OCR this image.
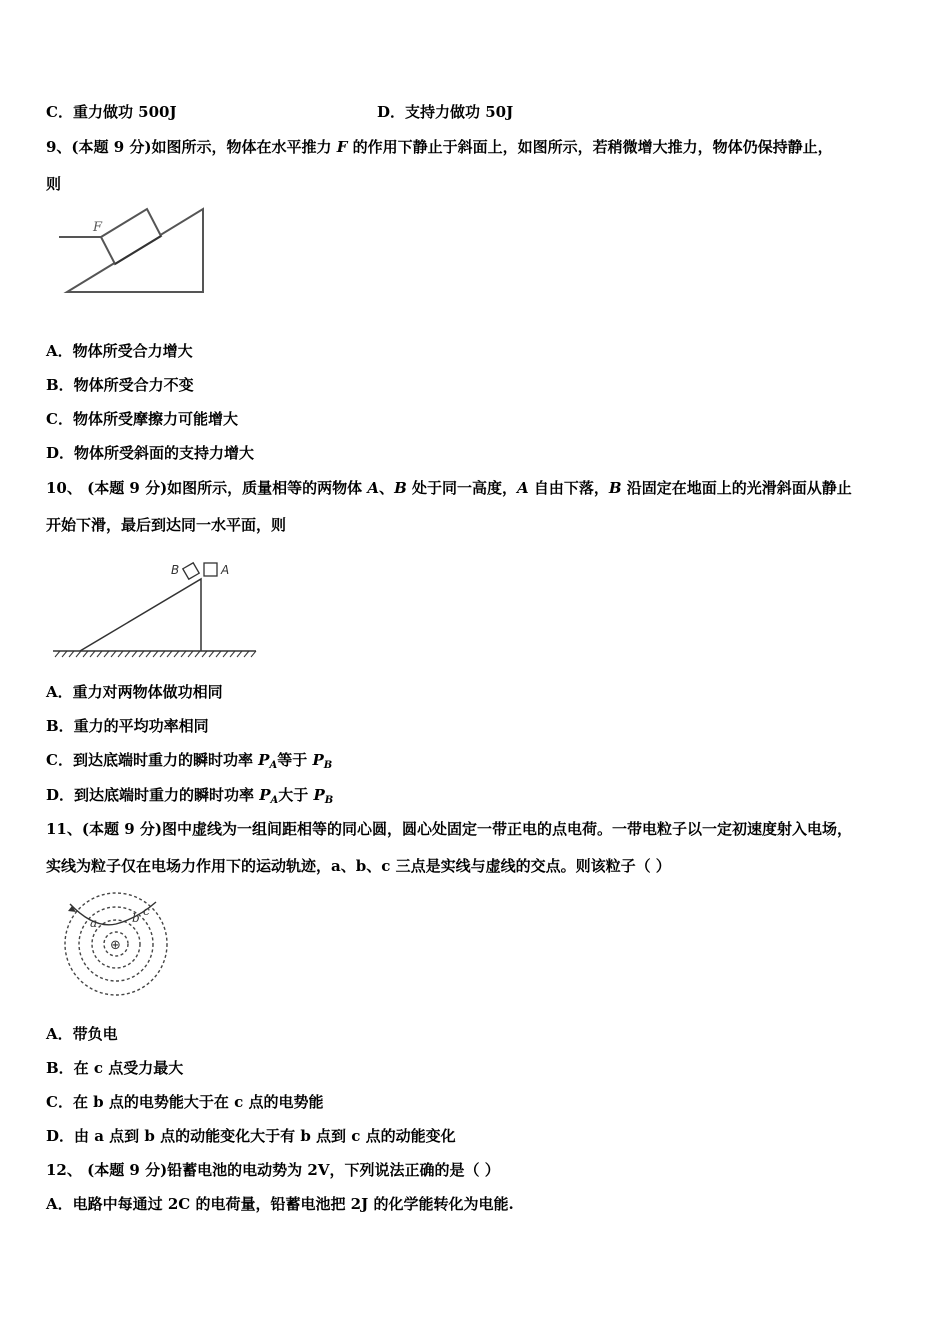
C．重力做功 500J	D．支持力做功 50J
9、(本题 9 分)如图所示，物体在水平推力 F 的作用下静止于斜面上，如图所示，若稍微增大推力，物体仍保持静止，
则
F
A．物体所受合力增大
B．物体所受合力不变
C．物体所受摩擦力可能增大
D．物体所受斜面的支持力增大
10、 (本题 9 分)如图所示，质量相等的两物体 A、B 处于同一高度，A 自由下落，B 沿固定在地面上的光滑斜面从静止
开始下滑，最后到达同一水平面，则
A
B
A．重力对两物体做功相同
B．重力的平均功率相同
C．到达底端时重力的瞬时功率 $P_A$等于 $P_B$
D．到达底端时重力的瞬时功率 $P_A$大于 $P_B$
11、(本题 9 分)图中虚线为一组间距相等的同心圆，圆心处固定一带正电的点电荷。一带电粒子以一定初速度射入电场，
实线为粒子仅在电场力作用下的运动轨迹，a、b、c 三点是实线与虚线的交点。则该粒子（ ）
a	b c
⊕
A．带负电
B．在 c 点受力最大
C．在 b 点的电势能大于在 c 点的电势能
D．由 a 点到 b 点的动能变化大于有 b 点到 c 点的动能变化
12、 (本题 9 分)铅蓄电池的电动势为 2V，下列说法正确的是（ ）
A．电路中每通过 2C 的电荷量，铅蓄电池把 2J 的化学能转化为电能.
